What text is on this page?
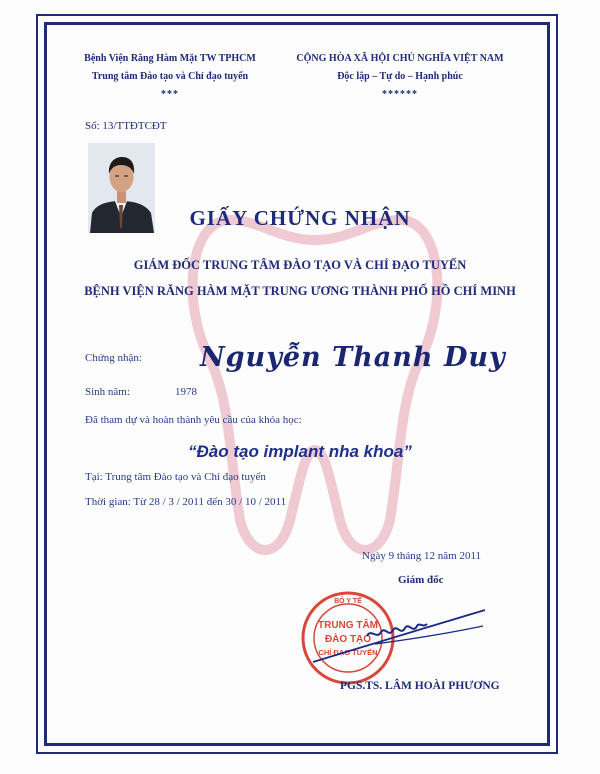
Bệnh Viện Răng Hàm Mặt TW TPHCM
Trung tâm Đào tạo và Chỉ đạo tuyến
***
CỘNG HÒA XÃ HỘI CHỦ NGHĨA VIỆT NAM
Độc lập – Tự do – Hạnh phúc
******
Số: 13/TTĐTCĐT
GIẤY CHỨNG NHẬN
GIÁM ĐỐC TRUNG TÂM ĐÀO TẠO VÀ CHỈ ĐẠO TUYẾN
BỆNH VIỆN RĂNG HÀM MẶT TRUNG ƯƠNG THÀNH PHỐ HỒ CHÍ MINH
Chứng nhận: Nguyễn Thanh Duy
Sinh năm:	1978
Đã tham dự và hoàn thành yêu cầu của khóa học:
“Đào tạo implant nha khoa”
Tại: Trung tâm Đào tạo và Chỉ đạo tuyến
Thời gian: Từ 28 / 3 / 2011 đến 30 / 10 / 2011
Ngày 9 tháng 12 năm 2011
Giám đốc
BỘ Y TẾ
TRUNG TÂM
ĐÀO TẠO
CHỈ ĐẠO TUYẾN
PGS.TS. LÂM HOÀI PHƯƠNG
